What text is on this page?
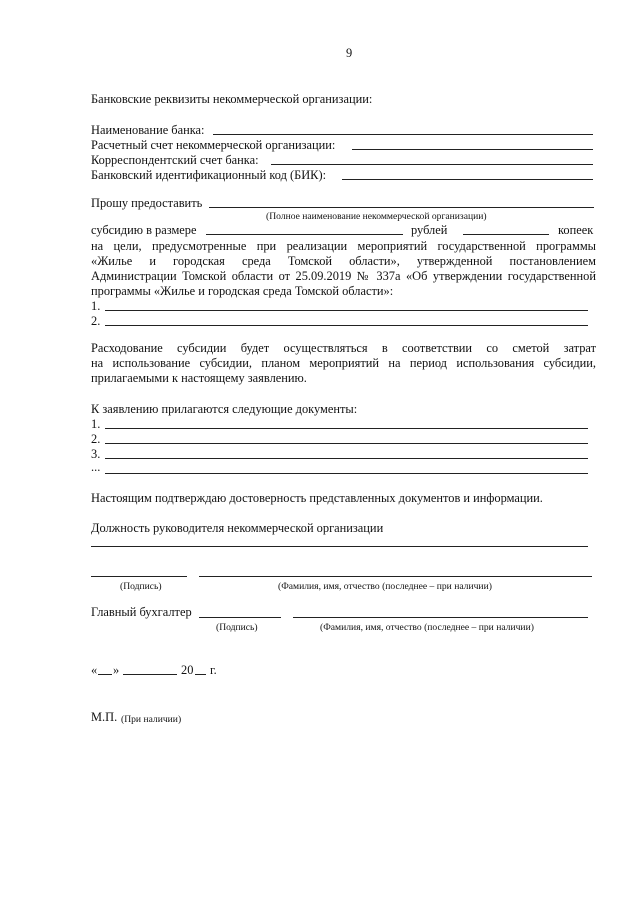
9
Банковские реквизиты некоммерческой организации:
Наименование банка:
Расчетный счет некоммерческой организации:
Корреспондентский счет банка:
Банковский идентификационный код (БИК):
Прошу предоставить
(Полное наименование некоммерческой организации)
субсидию в размере	рублей	копеек
на цели, предусмотренные при реализации мероприятий государственной программы
«Жилье и городская среда Томской области», утвержденной постановлением
Администрации Томской области от 25.09.2019 № 337а «Об утверждении государственной
программы «Жилье и городская среда Томской области»:
1.
2.
Расходование субсидии будет осуществляться в соответствии со сметой затрат
на использование субсидии, планом мероприятий на период использования субсидии,
прилагаемыми к настоящему заявлению.
К заявлению прилагаются следующие документы:
1.
2.
3.
...
Настоящим подтверждаю достоверность представленных документов и информации.
Должность руководителя некоммерческой организации
(Подпись)	(Фамилия, имя, отчество (последнее – при наличии)
Главный бухгалтер
(Подпись)	(Фамилия, имя, отчество (последнее – при наличии)
« »	20 г.
М.П. (При наличии)
